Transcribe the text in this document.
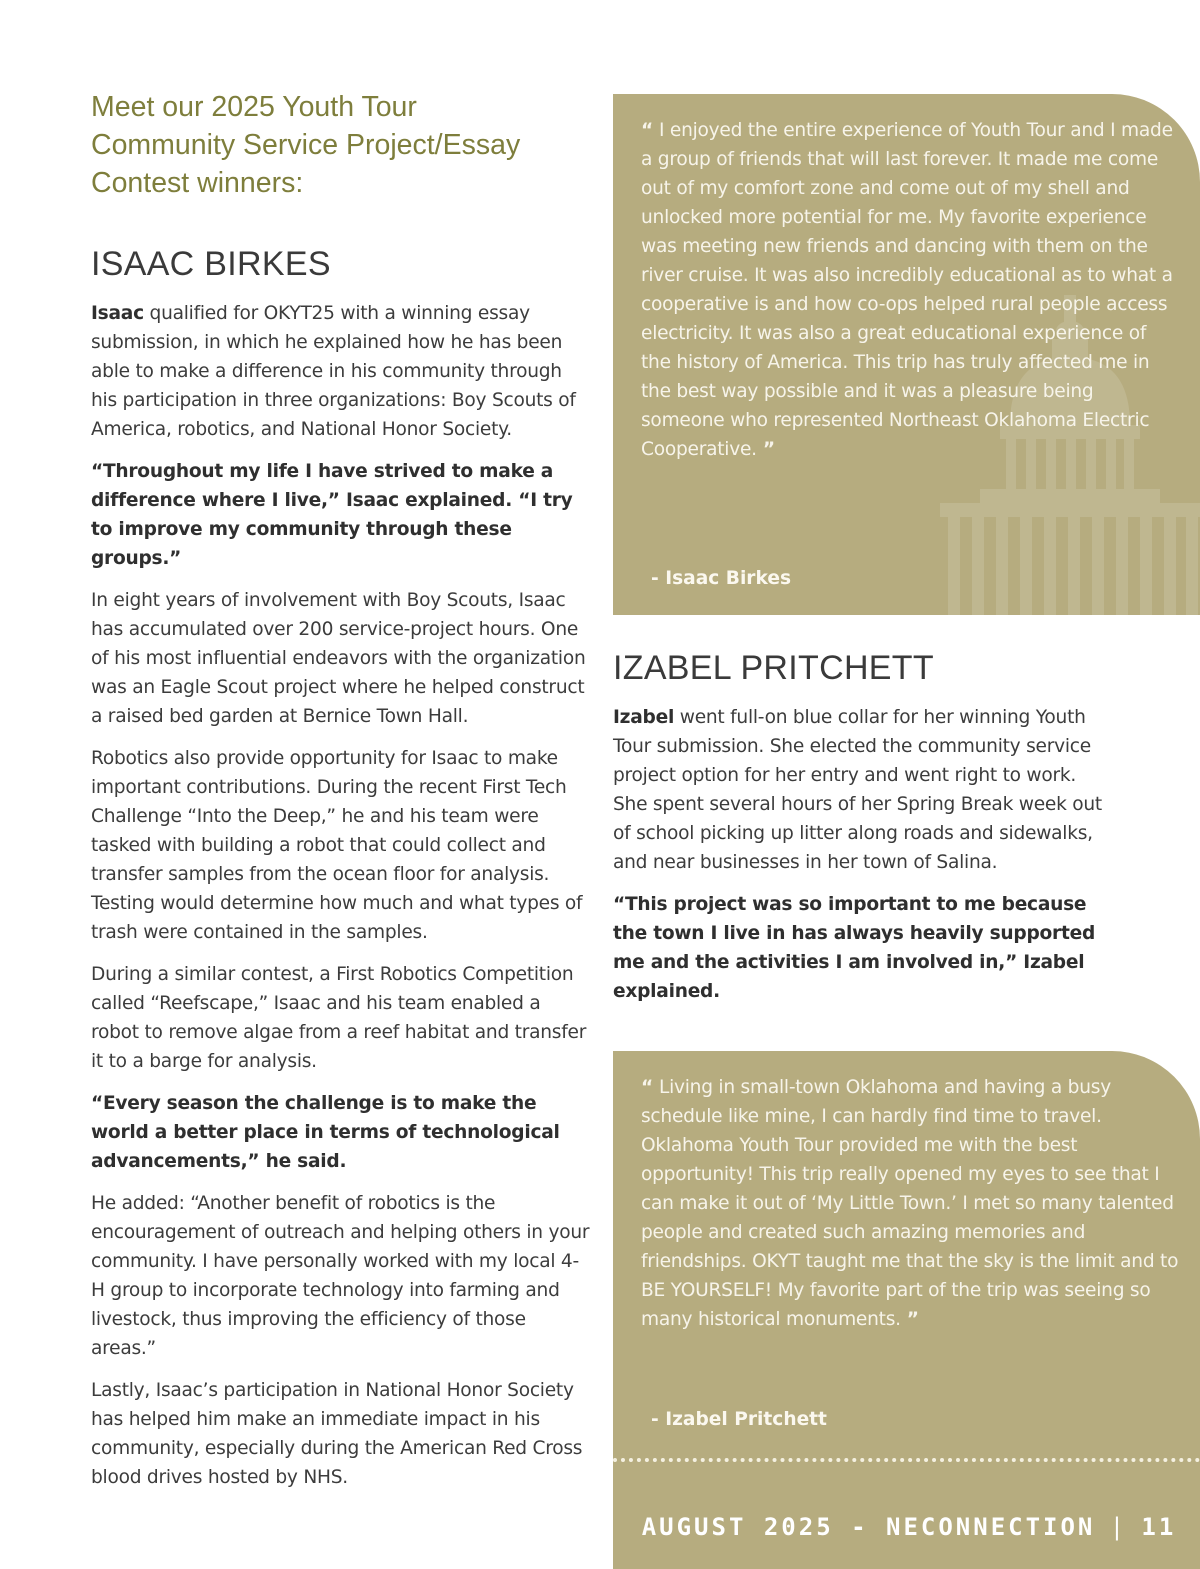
Meet our 2025 Youth Tour
Community Service Project/Essay
Contest winners:
ISAAC BIRKES

Isaac qualified for OKYT25 with a winning essay submission, in which he explained how he has been able to make a difference in his community through his participation in three organizations: Boy Scouts of America, robotics, and National Honor Society.

“Throughout my life I have strived to make a difference where I live,” Isaac explained. “I try to improve my community through these groups.”

In eight years of involvement with Boy Scouts, Isaac has accumulated over 200 service-project hours. One of his most influential endeavors with the organization was an Eagle Scout project where he helped construct a raised bed garden at Bernice Town Hall.

Robotics also provide opportunity for Isaac to make important contributions. During the recent First Tech Challenge “Into the Deep,” he and his team were tasked with building a robot that could collect and transfer samples from the ocean floor for analysis. Testing would determine how much and what types of trash were contained in the samples.

During a similar contest, a First Robotics Competition called “Reefscape,” Isaac and his team enabled a robot to remove algae from a reef habitat and transfer it to a barge for analysis.

“Every season the challenge is to make the world a better place in terms of technological advancements,” he said.

He added: “Another benefit of robotics is the encouragement of outreach and helping others in your community. I have personally worked with my local 4-H group to incorporate technology into farming and livestock, thus improving the efficiency of those areas.”

Lastly, Isaac’s participation in National Honor Society has helped him make an immediate impact in his community, especially during the American Red Cross blood drives hosted by NHS.

“ I enjoyed the entire experience of Youth Tour and I made a group of friends that will last forever. It made me come out of my comfort zone and come out of my shell and unlocked more potential for me. My favorite experience was meeting new friends and dancing with them on the river cruise. It was also incredibly educational as to what a cooperative is and how co-ops helped rural people access electricity. It was also a great educational experience of the history of America. This trip has truly affected me in the best way possible and it was a pleasure being someone who represented Northeast Oklahoma Electric Cooperative. ”
- Isaac Birkes
IZABEL PRITCHETT

Izabel went full-on blue collar for her winning Youth Tour submission. She elected the community service project option for her entry and went right to work. She spent several hours of her Spring Break week out of school picking up litter along roads and sidewalks, and near businesses in her town of Salina.

“This project was so important to me because the town I live in has always heavily supported me and the activities I am involved in,” Izabel explained.

“ Living in small-town Oklahoma and having a busy schedule like mine, I can hardly find time to travel. Oklahoma Youth Tour provided me with the best opportunity! This trip really opened my eyes to see that I can make it out of ‘My Little Town.’ I met so many talented people and created such amazing memories and friendships. OKYT taught me that the sky is the limit and to BE YOURSELF! My favorite part of the trip was seeing so many historical monuments. ”
- Izabel Pritchett
AUGUST 2025 - NECONNECTION | 11
